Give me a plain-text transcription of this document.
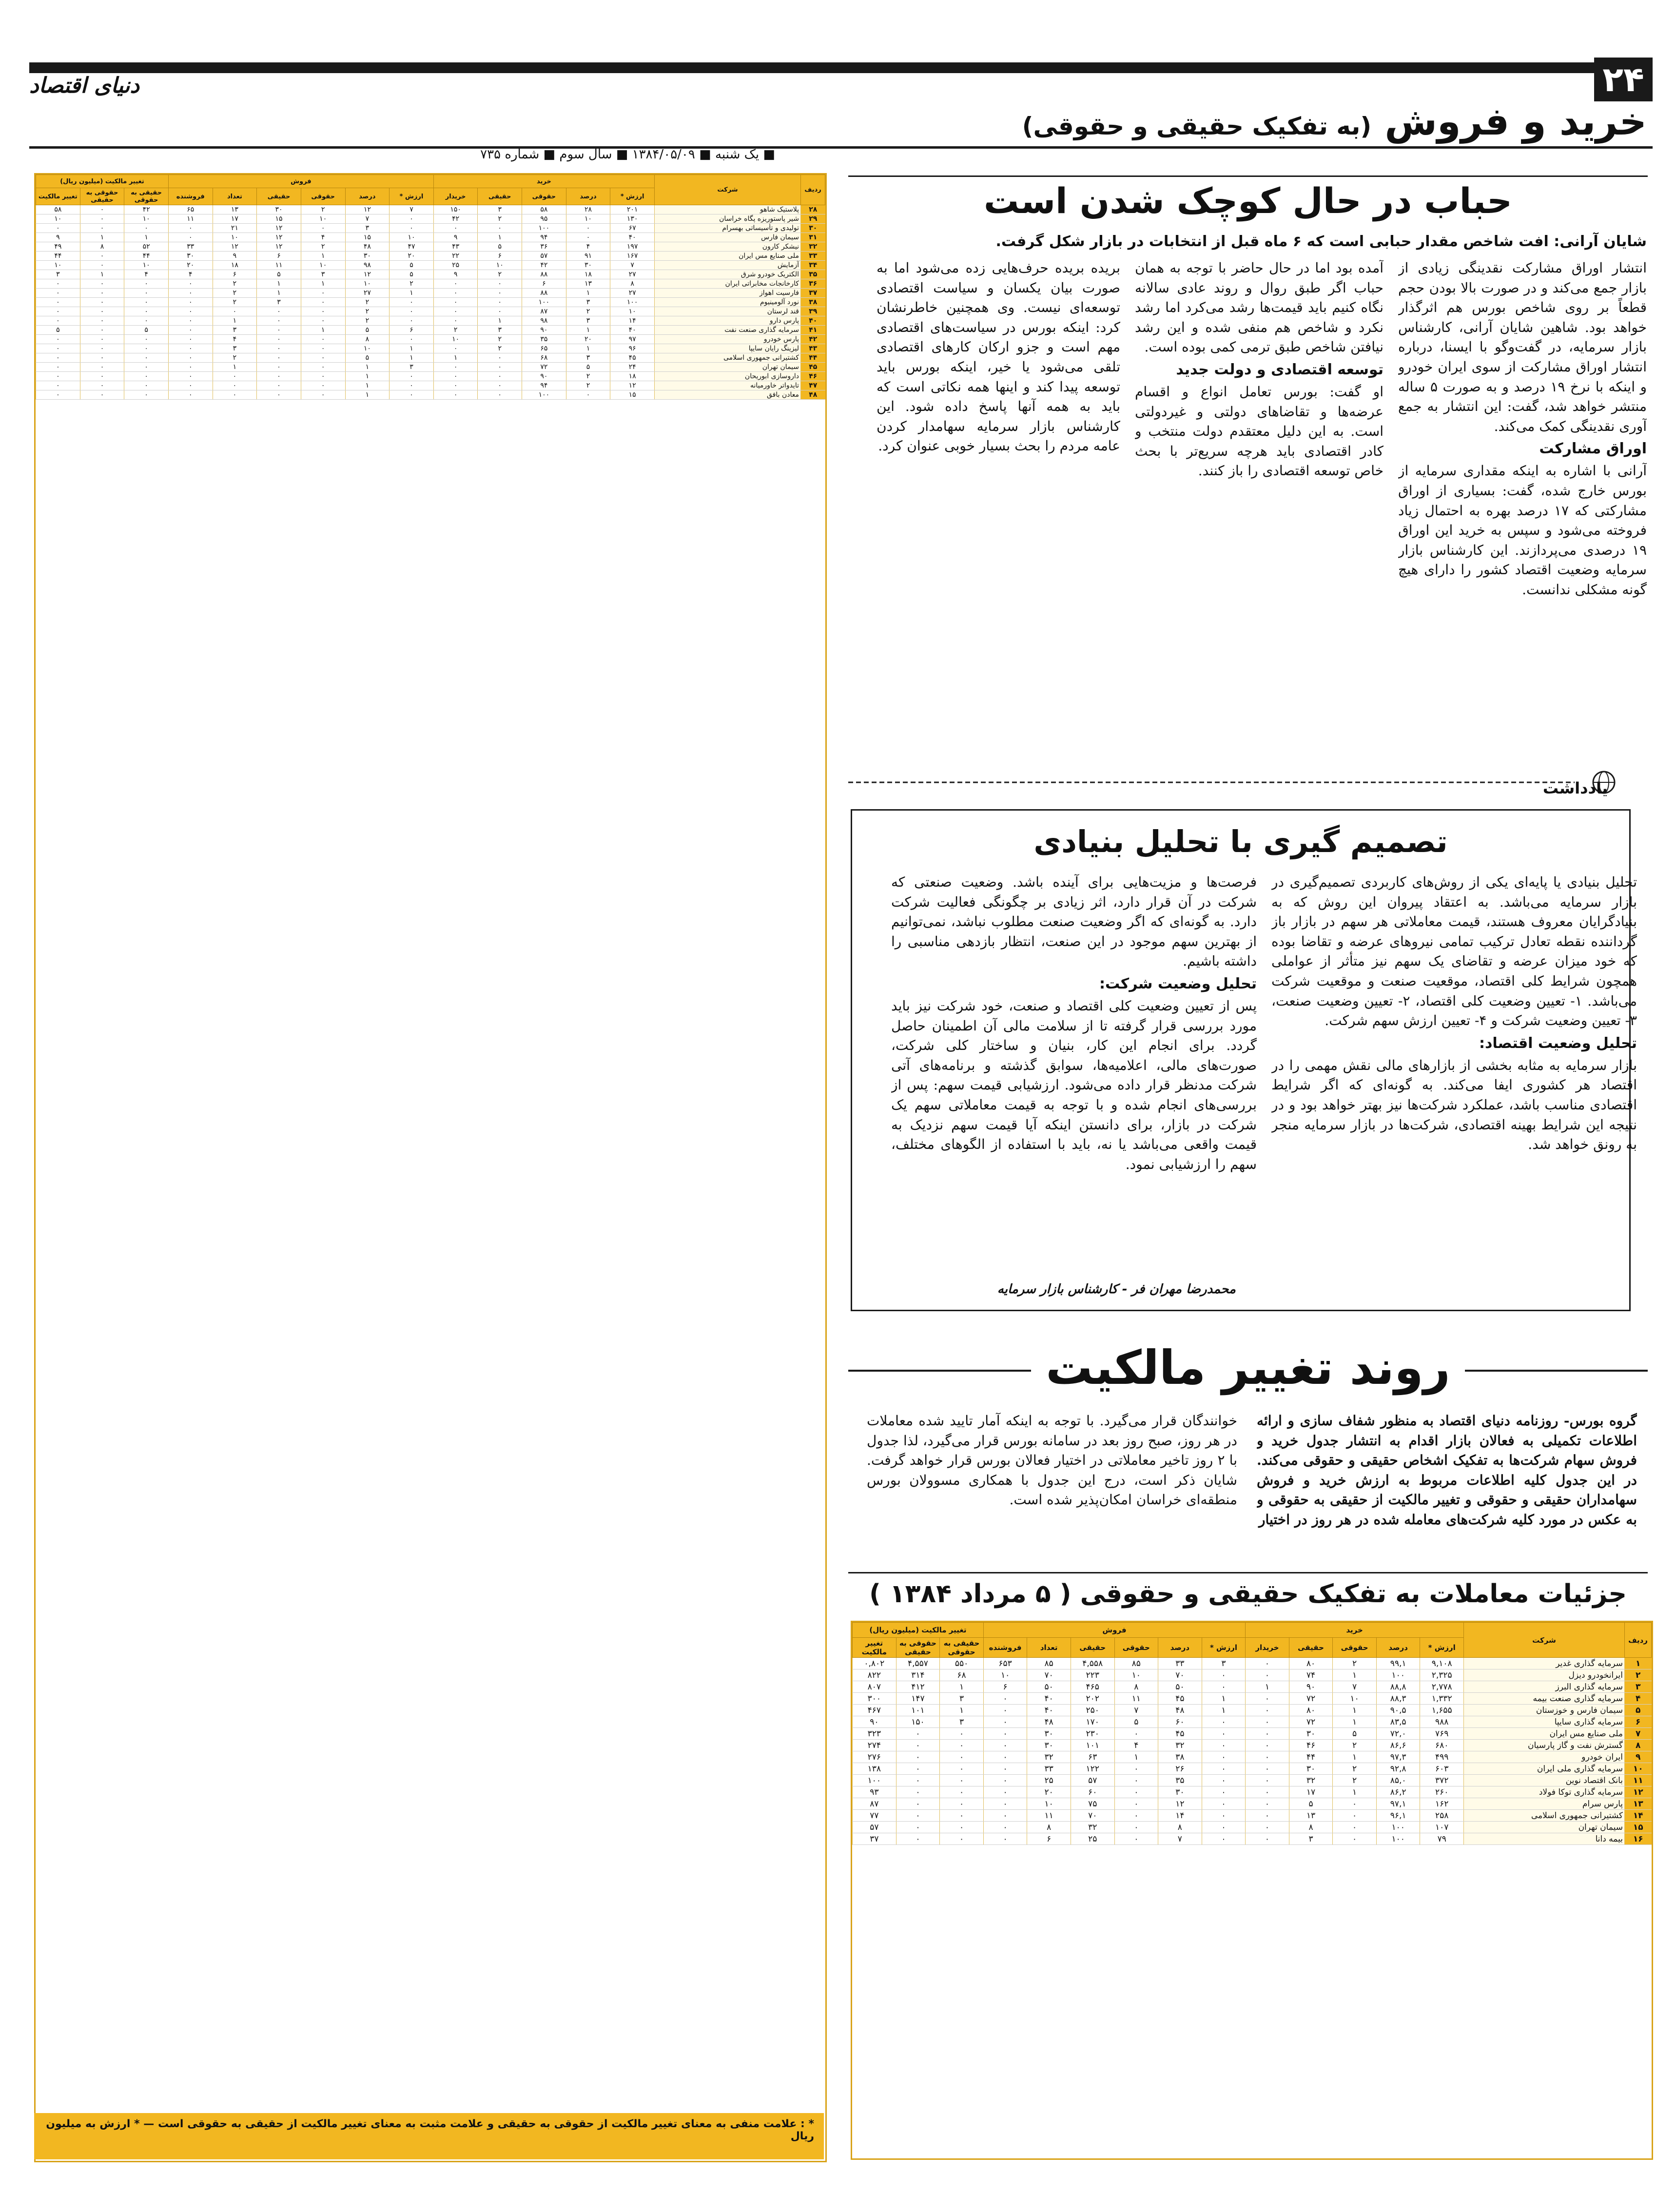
۲۴
دنیای اقتصاد
خرید و فروش (به تفکیک حقیقی و حقوقی)
■ یک شنبه ■ ۱۳۸۴/۰۵/۰۹ ■ سال سوم ■ شماره ۷۳۵
ردیف	شرکت	خرید					فروش						تغییر مالکیت (میلیون ریال)		
		ارزش *	درصد	حقوقی	حقیقی	خریدار	ارزش *	درصد	حقوقی	حقیقی	تعداد	فروشنده	حقیقی به حقوقی	حقوقی به حقیقی	تغییر مالکیت
۲۸	پلاستیک شاهو	۲۰۱	۲۸	۵۸	۳	۱۵۰	۷	۱۲	۲	۳۰	۱۳	۶۵	۴۲	۰	۵۸
۲۹	شیر پاستوریزه پگاه خراسان	۱۳۰	۱۰	۹۵	۲	۴۲	۰	۷	۱۰	۱۵	۱۷	۱۱	۱۰	۰	۱۰
۳۰	تولیدی و تأسیساتی بهسرام	۶۷	۰	۱۰۰	۰	۰	۰	۳	۰	۱۲	۲۱	۰	۰	۰	۰
۳۱	سیمان فارس	۴۰	۰	۹۴	۱	۹	۱۰	۱۵	۴	۱۲	۱۰	۰	۱	۱	۹
۳۲	نیشکر کارون	۱۹۷	۴	۳۶	۵	۴۳	۴۷	۴۸	۲	۱۲	۱۲	۳۳	۵۲	۸	۴۹
۳۳	ملی صنایع مس ایران	۱۶۷	۹۱	۵۷	۶	۲۲	۲۰	۳۰	۱	۶	۹	۳۰	۴۴	۰	۴۴
۳۴	آزمایش	۷	۳۰	۴۲	۱۰	۲۵	۵	۹۸	۱۰	۱۱	۱۸	۲۰	۱۰	۰	۱۰
۳۵	الکتریک خودرو شرق	۲۷	۱۸	۸۸	۲	۹	۵	۱۲	۳	۵	۶	۴	۴	۱	۳
۳۶	کارخانجات مخابراتی ایران	۸	۱۳	۶	۰	۰	۲	۱۰	۱	۱	۲	۰	۰	۰	۰
۳۷	فارسیت اهواز	۲۷	۱	۸۸	۰	۰	۱	۲۷	۰	۱	۲	۰	۰	۰	۰
۳۸	نورد آلومینیوم	۱۰۰	۳	۱۰۰	۰	۰	۰	۲	۰	۳	۲	۰	۰	۰	۰
۳۹	قند لرستان	۱۰	۲	۸۷	۰	۰	۰	۲	۰	۰	۰	۰	۰	۰	۰
۴۰	پارس دارو	۱۴	۳	۹۸	۱	۰	۰	۲	۰	۰	۱	۰	۰	۰	۰
۴۱	سرمایه گذاری صنعت نفت	۴۰	۱	۹۰	۳	۲	۶	۵	۱	۰	۳	۰	۵	۰	۵
۴۲	پارس خودرو	۹۷	۲۰	۳۵	۲	۱۰	۰	۸	۰	۰	۴	۰	۰	۰	۰
۴۳	لیزینگ رایان سایپا	۹۶	۱	۶۵	۲	۰	۱	۱۰	۰	۰	۳	۰	۰	۰	۰
۴۴	کشتیرانی جمهوری اسلامی	۴۵	۳	۶۸	۰	۱	۱	۵	۰	۰	۲	۰	۰	۰	۰
۴۵	سیمان تهران	۲۴	۵	۷۲	۰	۰	۳	۱	۰	۰	۱	۰	۰	۰	۰
۴۶	داروسازی ابوریحان	۱۸	۲	۹۰	۰	۰	۰	۱	۰	۰	۰	۰	۰	۰	۰
۴۷	تایدواتر خاورمیانه	۱۲	۲	۹۴	۰	۰	۰	۱	۰	۰	۰	۰	۰	۰	۰
۴۸	معادن بافق	۱۵	۰	۱۰۰	۰	۰	۰	۱	۰	۰	۰	۰	۰	۰	۰
* : علامت منفی به معنای تغییر مالکیت از حقوقی به حقیقی و علامت مثبت به معنای تغییر مالکیت از حقیقی به حقوقی است — * ارزش به میلیون ریال
حباب در حال کوچک شدن است
شایان آرانی: افت شاخص مقدار حبابی است که ۶ ماه قبل از انتخابات در بازار شکل گرفت.
انتشار اوراق مشارکت نقدینگی زیادی از بازار جمع می‌کند و در صورت بالا بودن حجم قطعاً بر روی شاخص بورس هم اثرگذار خواهد بود. شاهین شایان آرانی، کارشناس بازار سرمایه، در گفت‌وگو با ایسنا، درباره انتشار اوراق مشارکت از سوی ایران خودرو و اینکه با نرخ ۱۹ درصد و به صورت ۵ ساله منتشر خواهد شد، گفت: این انتشار به جمع آوری نقدینگی کمک می‌کند.
اوراق مشارکت
آرانی با اشاره به اینکه مقداری سرمایه از بورس خارج شده، گفت: بسیاری از اوراق مشارکتی که ۱۷ درصد بهره به احتمال زیاد فروخته می‌شود و سپس به خرید این اوراق ۱۹ درصدی می‌پردازند. این کارشناس بازار سرمایه وضعیت اقتصاد کشور را دارای هیچ گونه مشکلی ندانست.
آمده بود اما در حال حاضر با توجه به همان حباب اگر طبق روال و روند عادی سالانه نگاه کنیم باید قیمت‌ها رشد می‌کرد اما رشد نکرد و شاخص هم منفی شده و این رشد نیافتن شاخص طبق ترمی کمی بوده است.
توسعه اقتصادی و دولت جدید
او گفت: بورس تعامل انواع و اقسام عرضه‌ها و تقاضاهای دولتی و غیردولتی است. به این دلیل معتقدم دولت منتخب و کادر اقتصادی باید هرچه سریع‌تر با بحث خاص توسعه اقتصادی را باز کنند.
بریده بریده حرف‌هایی زده می‌شود اما به صورت بیان یکسان و سیاست اقتصادی توسعه‌ای نیست. وی همچنین خاطرنشان کرد: اینکه بورس در سیاست‌های اقتصادی مهم است و جزو ارکان کارهای اقتصادی تلقی می‌شود یا خیر، اینکه بورس باید توسعه پیدا کند و اینها همه نکاتی است که باید به همه آنها پاسخ داده شود. این کارشناس بازار سرمایه سهامدار کردن عامه مردم را بحث بسیار خوبی عنوان کرد.
یادداشت
تصمیم گیری با تحلیل بنیادی
تحلیل بنیادی یا پایه‌ای یکی از روش‌های کاربردی تصمیم‌گیری در بازار سرمایه می‌باشد. به اعتقاد پیروان این روش که به بنیادگرایان معروف هستند، قیمت معاملاتی هر سهم در بازار باز گرداننده نقطه تعادل ترکیب تمامی نیروهای عرضه و تقاضا بوده که خود میزان عرضه و تقاضای یک سهم نیز متأثر از عواملی همچون شرایط کلی اقتصاد، موقعیت صنعت و موقعیت شرکت می‌باشد. ۱- تعیین وضعیت کلی اقتصاد، ۲- تعیین وضعیت صنعت، ۳- تعیین وضعیت شرکت و ۴- تعیین ارزش سهم شرکت.
تحلیل وضعیت اقتصاد:
بازار سرمایه به مثابه بخشی از بازارهای مالی نقش مهمی را در اقتصاد هر کشوری ایفا می‌کند. به گونه‌ای که اگر شرایط اقتصادی مناسب باشد، عملکرد شرکت‌ها نیز بهتر خواهد بود و در نتیجه این شرایط بهینه اقتصادی، شرکت‌ها در بازار سرمایه منجر به رونق خواهد شد.
فرصت‌ها و مزیت‌هایی برای آینده باشد. وضعیت صنعتی که شرکت در آن قرار دارد، اثر زیادی بر چگونگی فعالیت شرکت دارد. به گونه‌ای که اگر وضعیت صنعت مطلوب نباشد، نمی‌توانیم از بهترین سهم موجود در این صنعت، انتظار بازدهی مناسبی را داشته باشیم.
تحلیل وضعیت شرکت:
پس از تعیین وضعیت کلی اقتصاد و صنعت، خود شرکت نیز باید مورد بررسی قرار گرفته تا از سلامت مالی آن اطمینان حاصل گردد. برای انجام این کار، بنیان و ساختار کلی شرکت، صورت‌های مالی، اعلامیه‌ها، سوابق گذشته و برنامه‌های آتی شرکت مدنظر قرار داده می‌شود. ارزشیابی قیمت سهم: پس از بررسی‌های انجام شده و با توجه به قیمت معاملاتی سهم یک شرکت در بازار، برای دانستن اینکه آیا قیمت سهم نزدیک به قیمت واقعی می‌باشد یا نه، باید با استفاده از الگوهای مختلف، سهم را ارزشیابی نمود.
محمدرضا مهران فر - کارشناس بازار سرمایه
روند تغییر مالکیت
گروه بورس- روزنامه دنیای اقتصاد به منظور شفاف سازی و ارائه اطلاعات تکمیلی به فعالان بازار اقدام به انتشار جدول خرید و فروش سهام شرکت‌ها به تفکیک اشخاص حقیقی و حقوقی می‌کند. در این جدول کلیه اطلاعات مربوط به ارزش خرید و فروش سهامداران حقیقی و حقوقی و تغییر مالکیت از حقیقی به حقوقی و به عکس در مورد کلیه شرکت‌های معامله شده در هر روز در اختیار
خوانندگان قرار می‌گیرد. با توجه به اینکه آمار تایید شده معاملات در هر روز، صبح روز بعد در سامانه بورس قرار می‌گیرد، لذا جدول با ۲ روز تاخیر معاملاتی در اختیار فعالان بورس قرار خواهد گرفت. شایان ذکر است، درج این جدول با همکاری مسوولان بورس منطقه‌ای خراسان امکان‌پذیر شده است.
جزئیات معاملات به تفکیک حقیقی و حقوقی ( ۵ مرداد ۱۳۸۴ )
ردیف	شرکت	خرید					فروش						تغییر مالکیت (میلیون ریال)		
		ارزش *	درصد	حقوقی	حقیقی	خریدار	ارزش *	درصد	حقوقی	حقیقی	تعداد	فروشنده	حقیقی به حقوقی	حقوقی به حقیقی	تغییر مالکیت
۱	سرمایه گذاری غدیر	۹,۱۰۸	۹۹,۱	۲	۸۰	۰	۳	۳۳	۸۵	۴,۵۵۸	۸۵	۶۵۳	۵۵۰	۴,۵۵۷	۰,۸۰۲
۲	ایرانخودرو دیزل	۲,۳۲۵	۱۰۰	۱	۷۴	۰	۰	۷۰	۱۰	۲۲۳	۷۰	۱۰	۶۸	۳۱۴	۸۲۲
۳	سرمایه گذاری البرز	۲,۷۷۸	۸۸,۸	۷	۹۰	۱	۰	۵۰	۸	۴۶۵	۵۰	۶	۱	۴۱۲	۸۰۷
۴	سرمایه گذاری صنعت بیمه	۱,۳۳۲	۸۸,۳	۱۰	۷۲	۰	۱	۴۵	۱۱	۲۰۲	۴۰	۰	۳	۱۴۷	۳۰۰
۵	سیمان فارس و خوزستان	۱,۶۵۵	۹۰,۵	۱	۸۰	۰	۱	۴۸	۷	۲۵۰	۴۰	۰	۱	۱۰۱	۴۶۷
۶	سرمایه گذاری سایپا	۹۸۸	۸۳,۵	۱	۷۲	۰	۰	۶۰	۵	۱۷۰	۴۸	۰	۳	۱۵۰	۹۰
۷	ملی صنایع مس ایران	۷۶۹	۷۲,۰	۵	۳۰	۰	۰	۴۵	۰	۲۳۰	۳۰	۰	۰	۰	۳۲۳
۸	گسترش نفت و گاز پارسیان	۶۸۰	۸۶,۶	۲	۴۶	۰	۰	۳۲	۴	۱۰۱	۳۰	۰	۰	۰	۲۷۴
۹	ایران خودرو	۴۹۹	۹۷,۳	۱	۴۴	۰	۰	۳۸	۱	۶۳	۳۲	۰	۰	۰	۲۷۶
۱۰	سرمایه گذاری ملی ایران	۶۰۳	۹۲,۸	۲	۳۰	۰	۰	۲۶	۰	۱۲۲	۳۳	۰	۰	۰	۱۳۸
۱۱	بانک اقتصاد نوین	۳۷۲	۸۵,۰	۲	۳۲	۰	۰	۳۵	۰	۵۷	۲۵	۰	۰	۰	۱۰۰
۱۲	سرمایه گذاری توکا فولاد	۲۶۰	۸۶,۲	۱	۱۷	۰	۰	۳۰	۰	۶۰	۲۰	۰	۰	۰	۹۳
۱۳	پارس سرام	۱۶۲	۹۷,۱	۰	۵	۰	۰	۱۲	۰	۷۵	۱۰	۰	۰	۰	۸۷
۱۴	کشتیرانی جمهوری اسلامی	۲۵۸	۹۶,۱	۰	۱۳	۰	۰	۱۴	۰	۷۰	۱۱	۰	۰	۰	۷۷
۱۵	سیمان تهران	۱۰۷	۱۰۰	۰	۸	۰	۰	۸	۰	۳۲	۸	۰	۰	۰	۵۷
۱۶	بیمه دانا	۷۹	۱۰۰	۰	۳	۰	۰	۷	۰	۲۵	۶	۰	۰	۰	۳۷
